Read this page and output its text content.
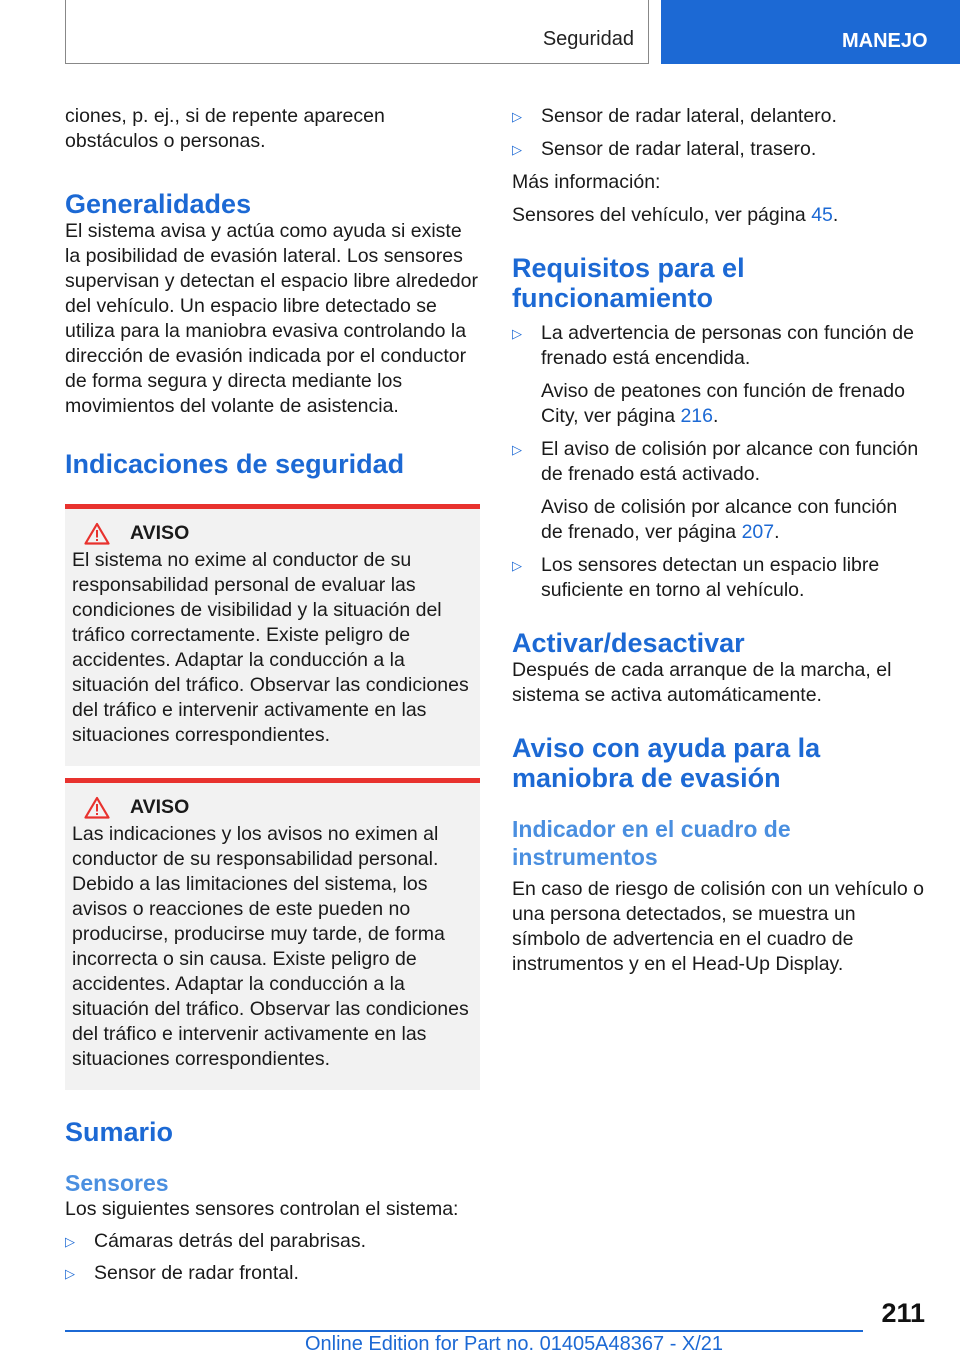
Seguridad	MANEJO

ciones, p. ej., si de repente aparecen obstáculos o personas.

Generalidades

El sistema avisa y actúa como ayuda si existe la posibilidad de evasión lateral. Los sensores supervisan y detectan el espacio libre alrededor del vehículo. Un espacio libre detectado se utiliza para la maniobra evasiva controlando la dirección de evasión indicada por el conductor de forma segura y directa mediante los movimientos del volante de asistencia.

Indicaciones de seguridad
AVISO

El sistema no exime al conductor de su responsabilidad personal de evaluar las condiciones de visibilidad y la situación del tráfico correctamente. Existe peligro de accidentes. Adaptar la conducción a la situación del tráfico. Observar las condiciones del tráfico e intervenir activamente en las situaciones correspondientes.

AVISO

Las indicaciones y los avisos no eximen al conductor de su responsabilidad personal. Debido a las limitaciones del sistema, los avisos o reacciones de este pueden no producirse, producirse muy tarde, de forma incorrecta o sin causa. Existe peligro de accidentes. Adaptar la conducción a la situación del tráfico. Observar las condiciones del tráfico e intervenir activamente en las situaciones correspondientes.

Sumario
Sensores

Los siguientes sensores controlan el sistema:

▷ Cámaras detrás del parabrisas.
▷ Sensor de radar frontal.
▷ Sensor de radar lateral, delantero.
▷ Sensor de radar lateral, trasero.

Más información:

Sensores del vehículo, ver página 45.

Requisitos para el funcionamiento
▷ La advertencia de personas con función de frenado está encendida.

Aviso de peatones con función de frenado City, ver página 216.

▷ El aviso de colisión por alcance con función de frenado está activado.

Aviso de colisión por alcance con función de frenado, ver página 207.

▷ Los sensores detectan un espacio libre suficiente en torno al vehículo.
Activar/desactivar

Después de cada arranque de la marcha, el sistema se activa automáticamente.

Aviso con ayuda para la maniobra de evasión
Indicador en el cuadro de instrumentos

En caso de riesgo de colisión con un vehículo o una persona detectados, se muestra un símbolo de advertencia en el cuadro de instrumentos y en el Head-Up Display.

211
Online Edition for Part no. 01405A48367 - X/21
